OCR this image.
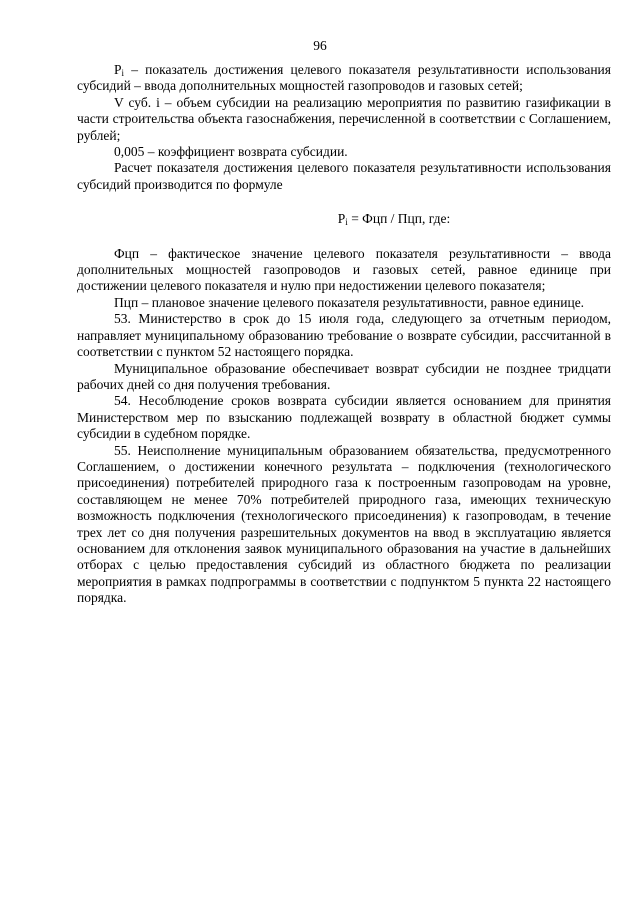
96

$P_i$ – показатель достижения целевого показателя результативности использования субсидий – ввода дополнительных мощностей газопроводов и газовых сетей;

V суб. i – объем субсидии на реализацию мероприятия по развитию газификации в части строительства объекта газоснабжения, перечисленной в соответствии с Соглашением, рублей;

0,005 – коэффициент возврата субсидии.

Расчет показателя достижения целевого показателя результативности использования субсидий производится по формуле

$P_i$ = Фцп / Пцп, где:

Фцп – фактическое значение целевого показателя результативности – ввода дополнительных мощностей газопроводов и газовых сетей, равное единице при достижении целевого показателя и нулю при недостижении целевого показателя;

Пцп – плановое значение целевого показателя результативности, равное единице.

53. Министерство в срок до 15 июля года, следующего за отчетным периодом, направляет муниципальному образованию требование о возврате субсидии, рассчитанной в соответствии с пунктом 52 настоящего порядка.

Муниципальное образование обеспечивает возврат субсидии не позднее тридцати рабочих дней со дня получения требования.

54. Несоблюдение сроков возврата субсидии является основанием для принятия Министерством мер по взысканию подлежащей возврату в областной бюджет суммы субсидии в судебном порядке.

55. Неисполнение муниципальным образованием обязательства, предусмотренного Соглашением, о достижении конечного результата – подключения (технологического присоединения) потребителей природного газа к построенным газопроводам на уровне, составляющем не менее 70% потребителей природного газа, имеющих техническую возможность подключения (технологического присоединения) к газопроводам, в течение трех лет со дня получения разрешительных документов на ввод в эксплуатацию является основанием для отклонения заявок муниципального образования на участие в дальнейших отборах с целью предоставления субсидий из областного бюджета по реализации мероприятия в рамках подпрограммы в соответствии с подпунктом 5 пункта 22 настоящего порядка.
